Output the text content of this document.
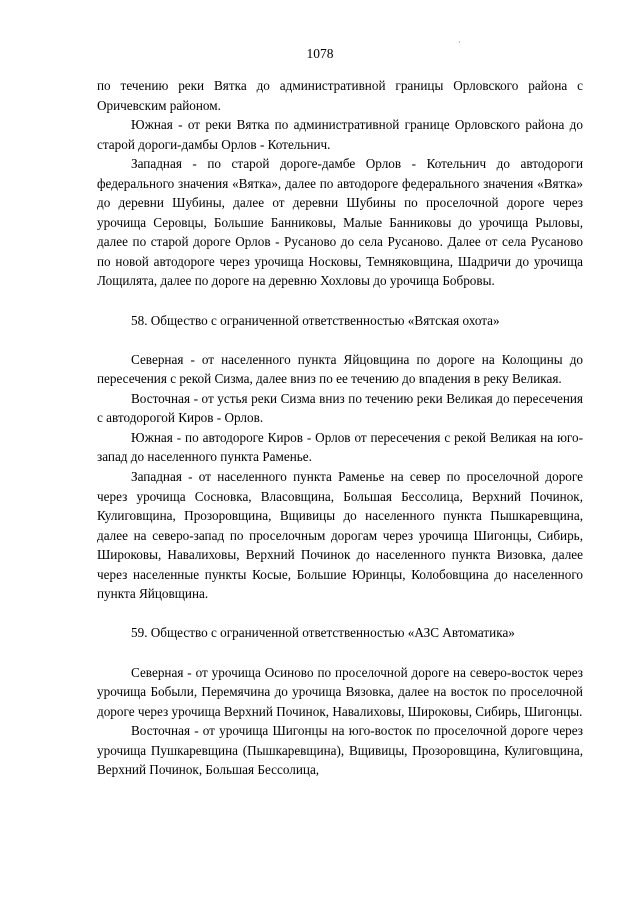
·
1078

по течению реки Вятка до административной границы Орловского района с Оричевским районом.

Южная - от реки Вятка по административной границе Орловского района до старой дороги-дамбы Орлов - Котельнич.

Западная - по старой дороге-дамбе Орлов - Котельнич до автодороги федерального значения «Вятка», далее по автодороге федерального значения «Вятка» до деревни Шубины, далее от деревни Шубины по проселочной дороге через урочища Серовцы, Большие Банниковы, Малые Банниковы до урочища Рыловы, далее по старой дороге Орлов - Русаново до села Русаново. Далее от села Русаново по новой автодороге через урочища Носковы, Темняковщина, Шадричи до урочища Лощилята, далее по дороге на деревню Хохловы до урочища Бобровы.

58. Общество с ограниченной ответственностью «Вятская охота»

Северная - от населенного пункта Яйцовщина по дороге на Колощины до пересечения с рекой Сизма, далее вниз по ее течению до впадения в реку Великая.

Восточная - от устья реки Сизма вниз по течению реки Великая до пересечения с автодорогой Киров - Орлов.

Южная - по автодороге Киров - Орлов от пересечения с рекой Великая на юго-запад до населенного пункта Раменье.

Западная - от населенного пункта Раменье на север по проселочной дороге через урочища Сосновка, Власовщина, Большая Бессолица, Верхний Починок, Кулиговщина, Прозоровщина, Вщивицы до населенного пункта Пышкаревщина, далее на северо-запад по проселочным дорогам через урочища Шигонцы, Сибирь, Широковы, Навалиховы, Верхний Починок до населенного пункта Визовка, далее через населенные пункты Косые, Большие Юринцы, Колобовщина до населенного пункта Яйцовщина.

59. Общество с ограниченной ответственностью «АЗС Автоматика»

Северная - от урочища Осиново по проселочной дороге на северо-восток через урочища Бобыли, Перемячина до урочища Вязовка, далее на восток по проселочной дороге через урочища Верхний Починок, Навалиховы, Широковы, Сибирь, Шигонцы.

Восточная - от урочища Шигонцы на юго-восток по проселочной дороге через урочища Пушкаревщина (Пышкаревщина), Вщивицы, Прозоровщина, Кулиговщина, Верхний Починок, Большая Бессолица,
